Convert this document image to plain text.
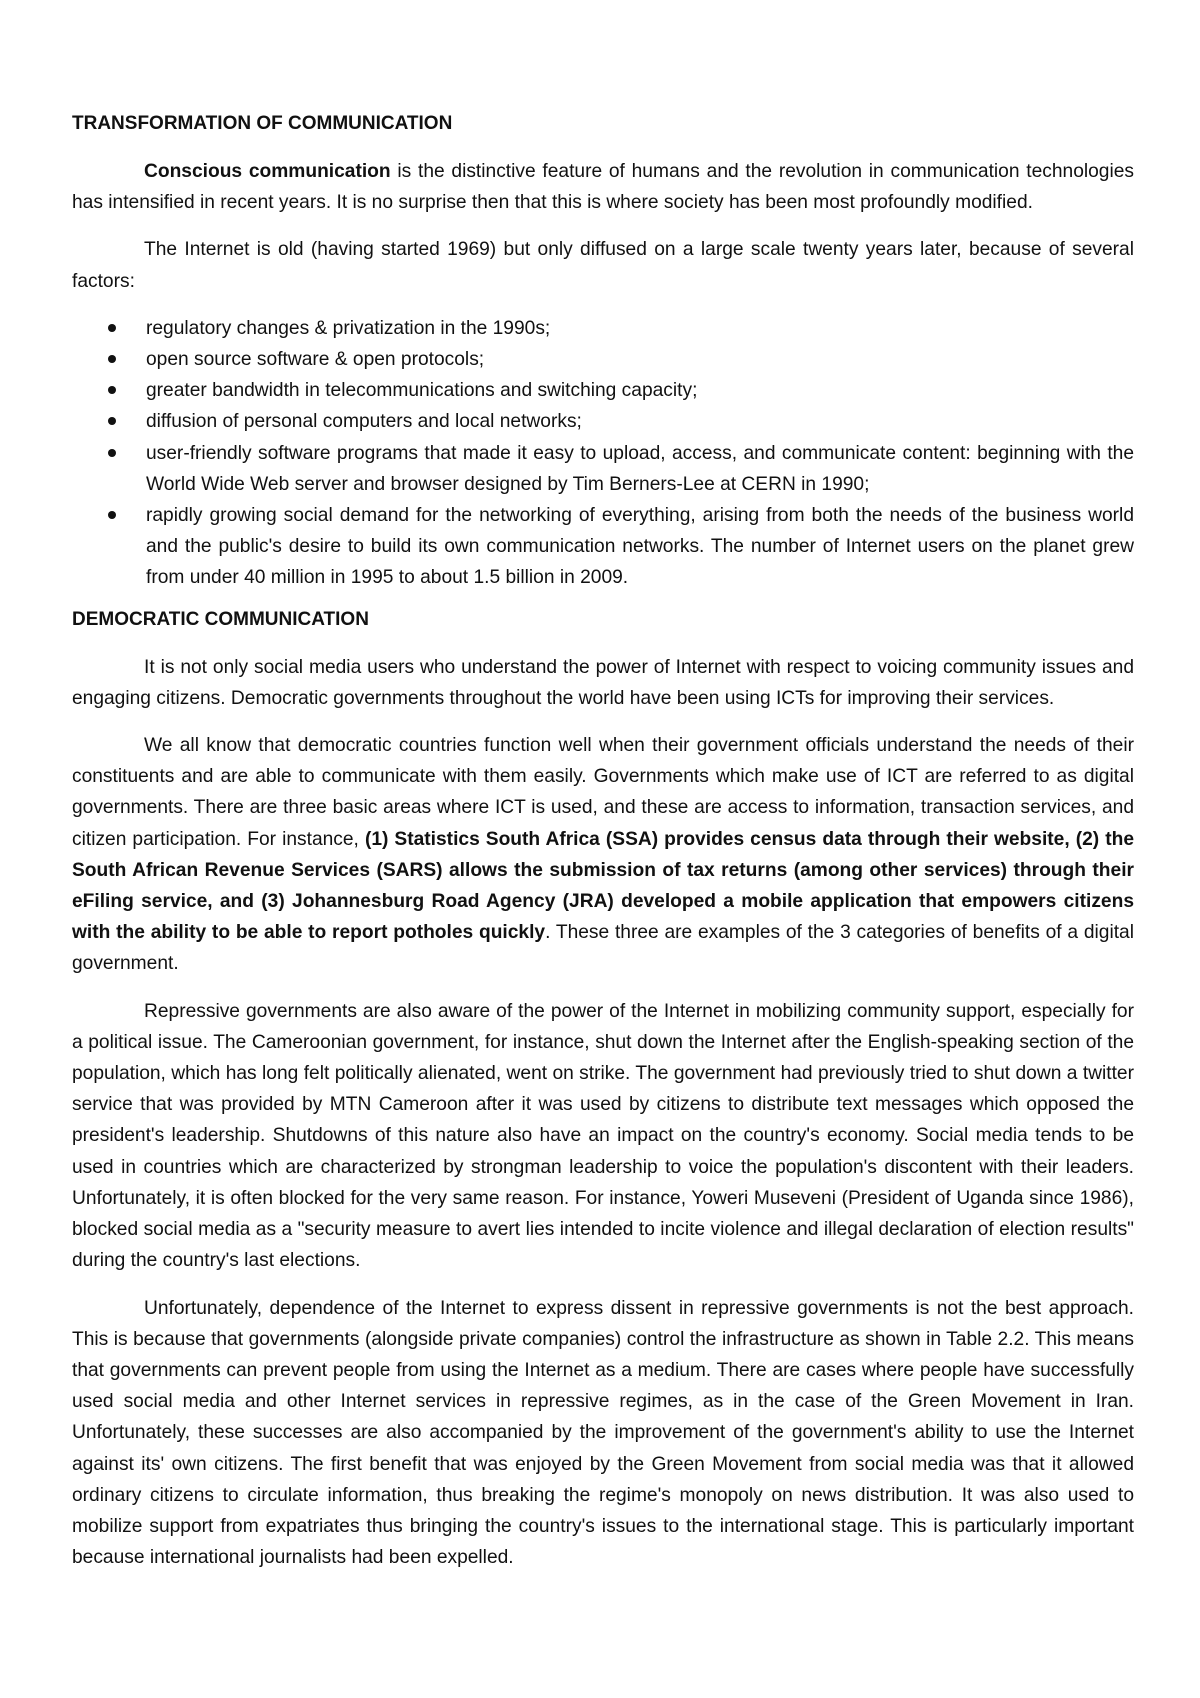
TRANSFORMATION OF COMMUNICATION

Conscious communication is the distinctive feature of humans and the revolution in communication technologies has intensified in recent years. It is no surprise then that this is where society has been most profoundly modified.

The Internet is old (having started 1969) but only diffused on a large scale twenty years later, because of several factors:

regulatory changes & privatization in the 1990s;
open source software & open protocols;
greater bandwidth in telecommunications and switching capacity;
diffusion of personal computers and local networks;
user-friendly software programs that made it easy to upload, access, and communicate content: beginning with the World Wide Web server and browser designed by Tim Berners-Lee at CERN in 1990;
rapidly growing social demand for the networking of everything, arising from both the needs of the business world and the public's desire to build its own communication networks. The number of Internet users on the planet grew from under 40 million in 1995 to about 1.5 billion in 2009.
DEMOCRATIC COMMUNICATION

It is not only social media users who understand the power of Internet with respect to voicing community issues and engaging citizens. Democratic governments throughout the world have been using ICTs for improving their services.

We all know that democratic countries function well when their government officials understand the needs of their constituents and are able to communicate with them easily. Governments which make use of ICT are referred to as digital governments. There are three basic areas where ICT is used, and these are access to information, transaction services, and citizen participation. For instance, (1) Statistics South Africa (SSA) provides census data through their website, (2) the South African Revenue Services (SARS) allows the submission of tax returns (among other services) through their eFiling service, and (3) Johannesburg Road Agency (JRA) developed a mobile application that empowers citizens with the ability to be able to report potholes quickly. These three are examples of the 3 categories of benefits of a digital government.

Repressive governments are also aware of the power of the Internet in mobilizing community support, especially for a political issue. The Cameroonian government, for instance, shut down the Internet after the English-speaking section of the population, which has long felt politically alienated, went on strike. The government had previously tried to shut down a twitter service that was provided by MTN Cameroon after it was used by citizens to distribute text messages which opposed the president's leadership. Shutdowns of this nature also have an impact on the country's economy. Social media tends to be used in countries which are characterized by strongman leadership to voice the population's discontent with their leaders. Unfortunately, it is often blocked for the very same reason. For instance, Yoweri Museveni (President of Uganda since 1986), blocked social media as a "security measure to avert lies intended to incite violence and illegal declaration of election results" during the country's last elections.

Unfortunately, dependence of the Internet to express dissent in repressive governments is not the best approach. This is because that governments (alongside private companies) control the infrastructure as shown in Table 2.2. This means that governments can prevent people from using the Internet as a medium. There are cases where people have successfully used social media and other Internet services in repressive regimes, as in the case of the Green Movement in Iran. Unfortunately, these successes are also accompanied by the improvement of the government's ability to use the Internet against its' own citizens. The first benefit that was enjoyed by the Green Movement from social media was that it allowed ordinary citizens to circulate information, thus breaking the regime's monopoly on news distribution. It was also used to mobilize support from expatriates thus bringing the country's issues to the international stage. This is particularly important because international journalists had been expelled.
